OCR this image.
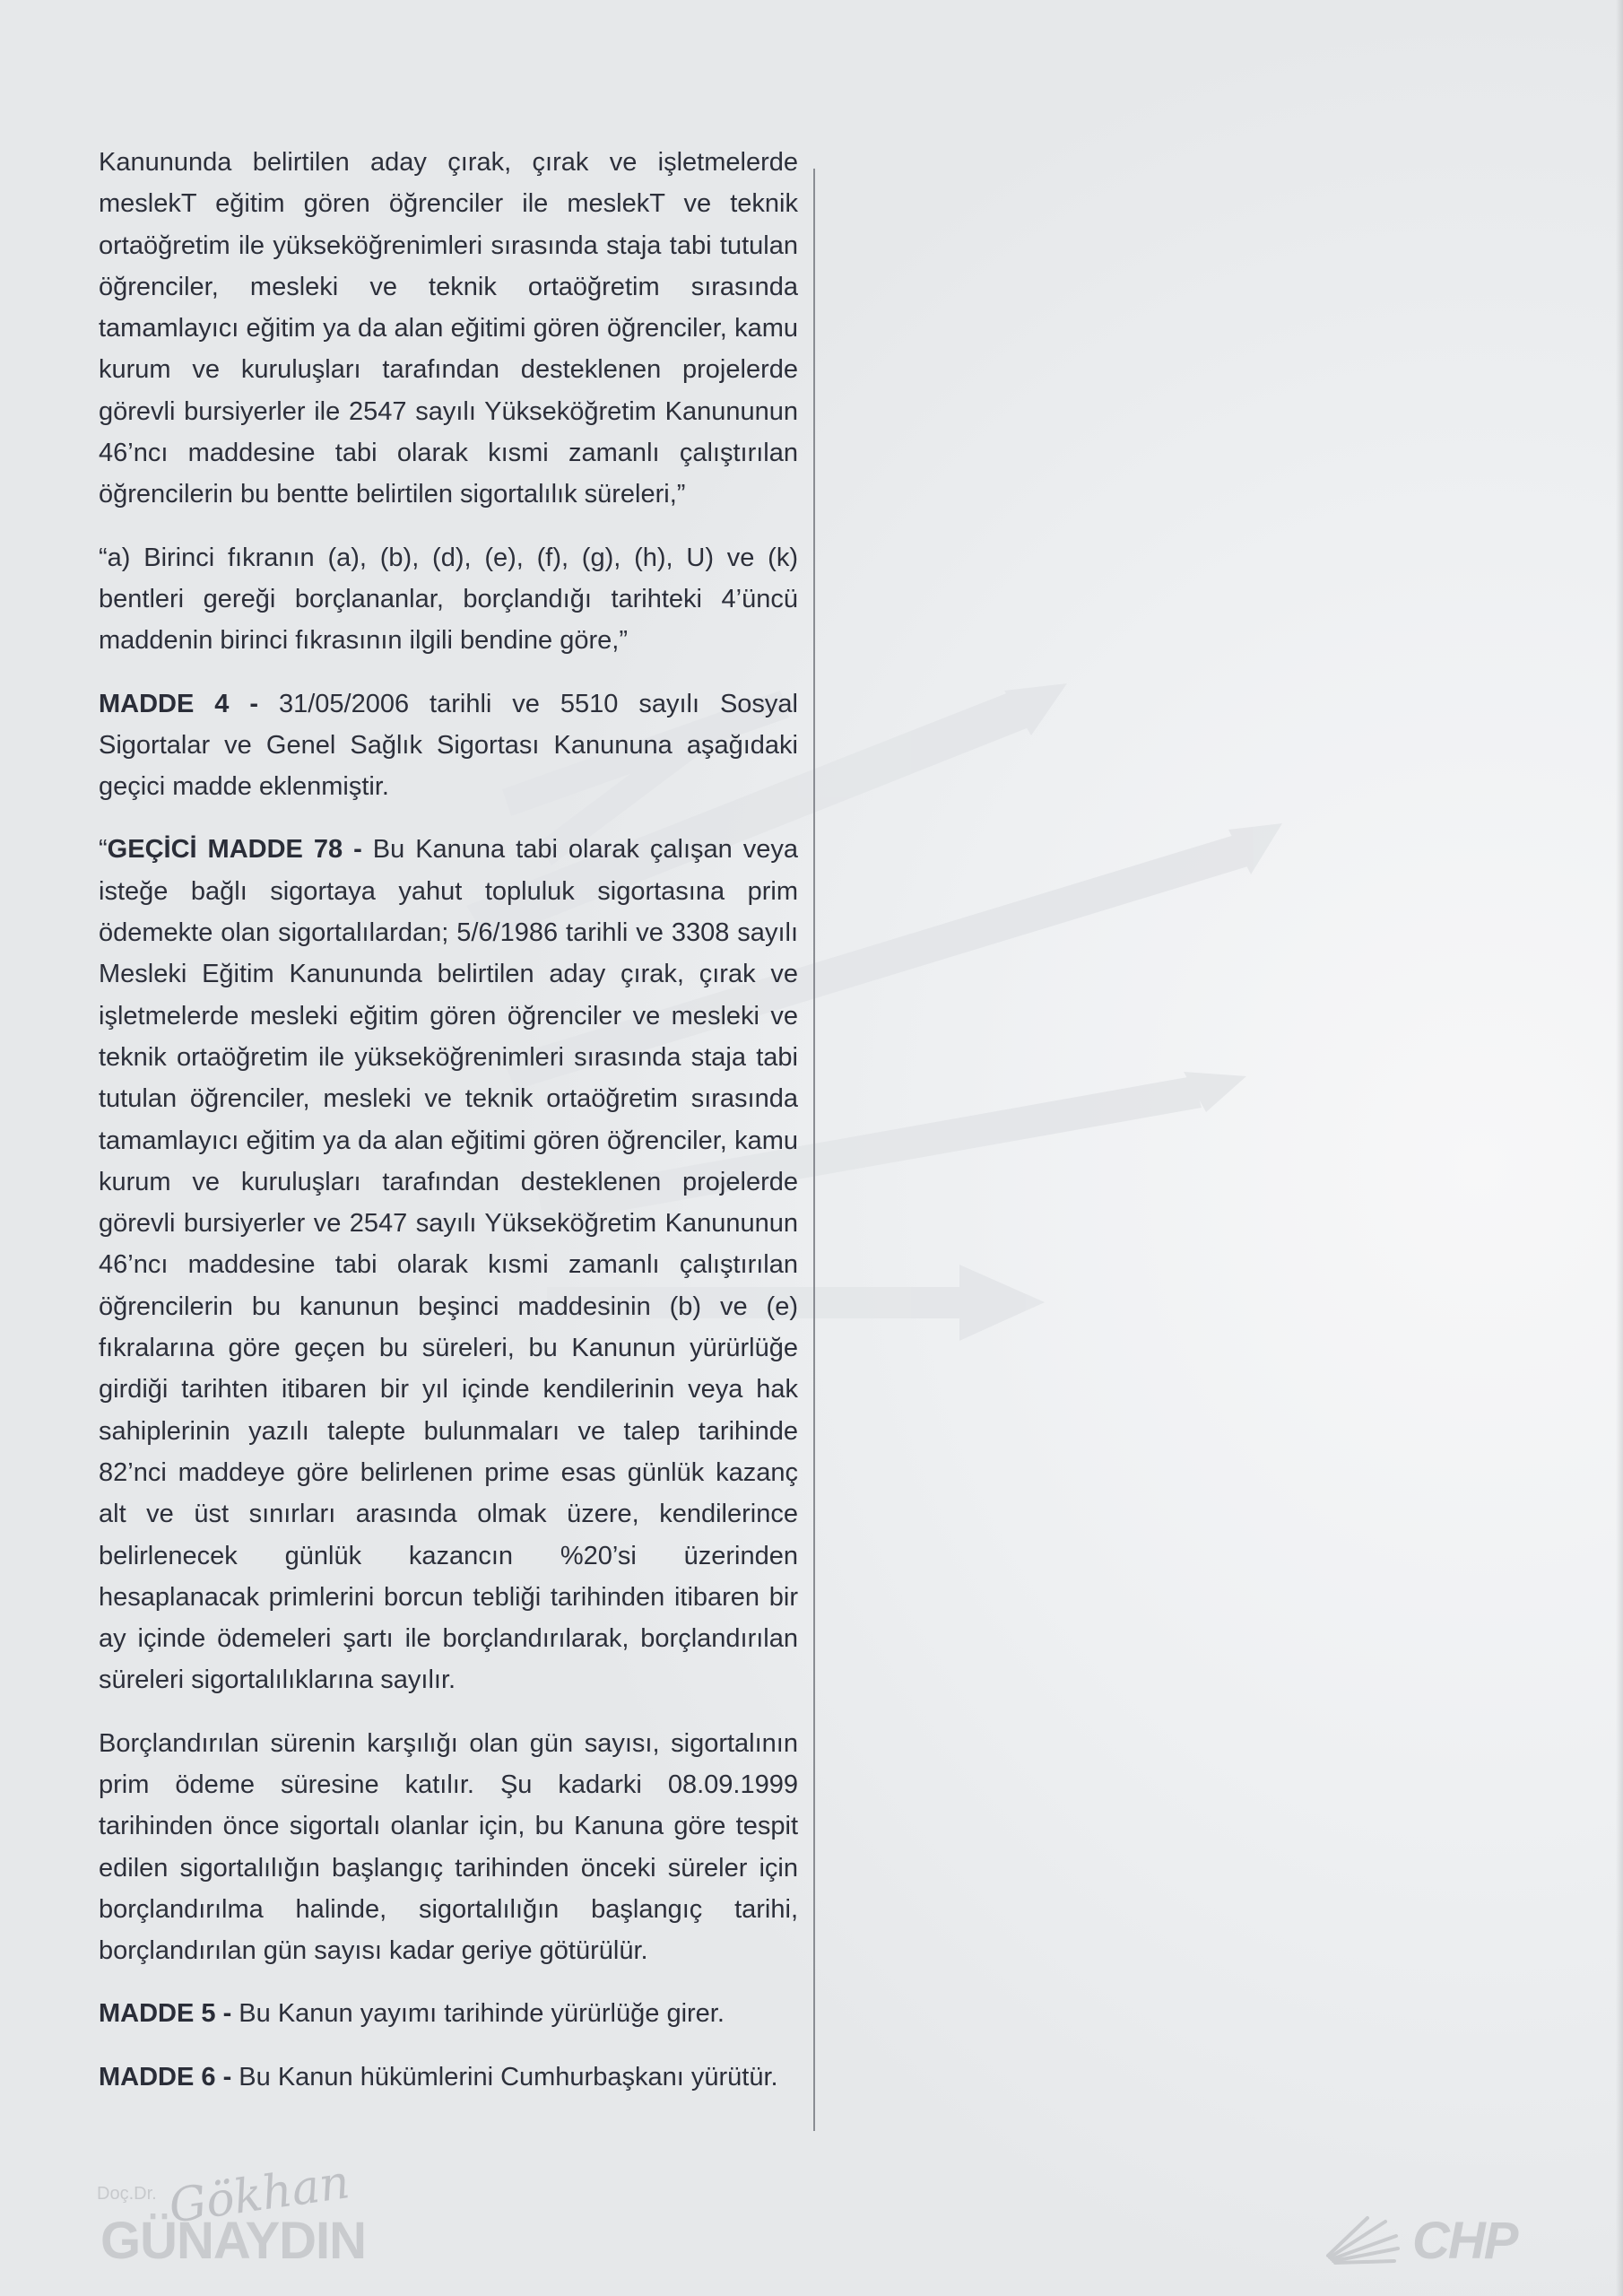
Kanununda belirtilen aday çırak, çırak ve işletmelerde meslekT eğitim gören öğrenciler ile meslekT ve teknik ortaöğretim ile yükseköğrenimleri sırasında staja tabi tutulan öğrenciler, mesleki ve teknik ortaöğretim sırasında tamamlayıcı eğitim ya da alan eğitimi gören öğrenciler, kamu kurum ve kuruluşları tarafından desteklenen projelerde görevli bursiyerler ile 2547 sayılı Yükseköğretim Kanununun 46’ncı maddesine tabi olarak kısmi zamanlı çalıştırılan öğrencilerin bu bentte belirtilen sigortalılık süreleri,”

“a) Birinci fıkranın (a), (b), (d), (e), (f), (g), (h), U) ve (k) bentleri gereği borçlananlar, borçlandığı tarihteki 4’üncü maddenin birinci fıkrasının ilgili bendine göre,”

MADDE 4 - 31/05/2006 tarihli ve 5510 sayılı Sosyal Sigortalar ve Genel Sağlık Sigortası Kanununa aşağıdaki geçici madde eklenmiştir.

“GEÇİCİ MADDE 78 - Bu Kanuna tabi olarak çalışan veya isteğe bağlı sigortaya yahut topluluk sigortasına prim ödemekte olan sigortalılardan; 5/6/1986 tarihli ve 3308 sayılı Mesleki Eğitim Kanununda belirtilen aday çırak, çırak ve işletmelerde mesleki eğitim gören öğrenciler ve mesleki ve teknik ortaöğretim ile yükseköğrenimleri sırasında staja tabi tutulan öğrenciler, mesleki ve teknik ortaöğretim sırasında tamamlayıcı eğitim ya da alan eğitimi gören öğrenciler, kamu kurum ve kuruluşları tarafından desteklenen projelerde görevli bursiyerler ve 2547 sayılı Yükseköğretim Kanununun 46’ncı maddesine tabi olarak kısmi zamanlı çalıştırılan öğrencilerin bu kanunun beşinci maddesinin (b) ve (e) fıkralarına göre geçen bu süreleri, bu Kanunun yürürlüğe girdiği tarihten itibaren bir yıl içinde kendilerinin veya hak sahiplerinin yazılı talepte bulunmaları ve talep tarihinde 82’nci maddeye göre belirlenen prime esas günlük kazanç alt ve üst sınırları arasında olmak üzere, kendilerince belirlenecek günlük kazancın %20’si üzerinden hesaplanacak primlerini borcun tebliği tarihinden itibaren bir ay içinde ödemeleri şartı ile borçlandırılarak, borçlandırılan süreleri sigortalılıklarına sayılır.

Borçlandırılan sürenin karşılığı olan gün sayısı, sigortalının prim ödeme süresine katılır. Şu kadarki 08.09.1999 tarihinden önce sigortalı olanlar için, bu Kanuna göre tespit edilen sigortalılığın başlangıç tarihinden önceki süreler için borçlandırılma halinde, sigortalılığın başlangıç tarihi, borçlandırılan gün sayısı kadar geriye götürülür.

MADDE 5 - Bu Kanun yayımı tarihinde yürürlüğe girer.

MADDE 6 - Bu Kanun hükümlerini Cumhurbaşkanı yürütür.

Doç.Dr. Gökhan
GÜNAYDIN	CHP
